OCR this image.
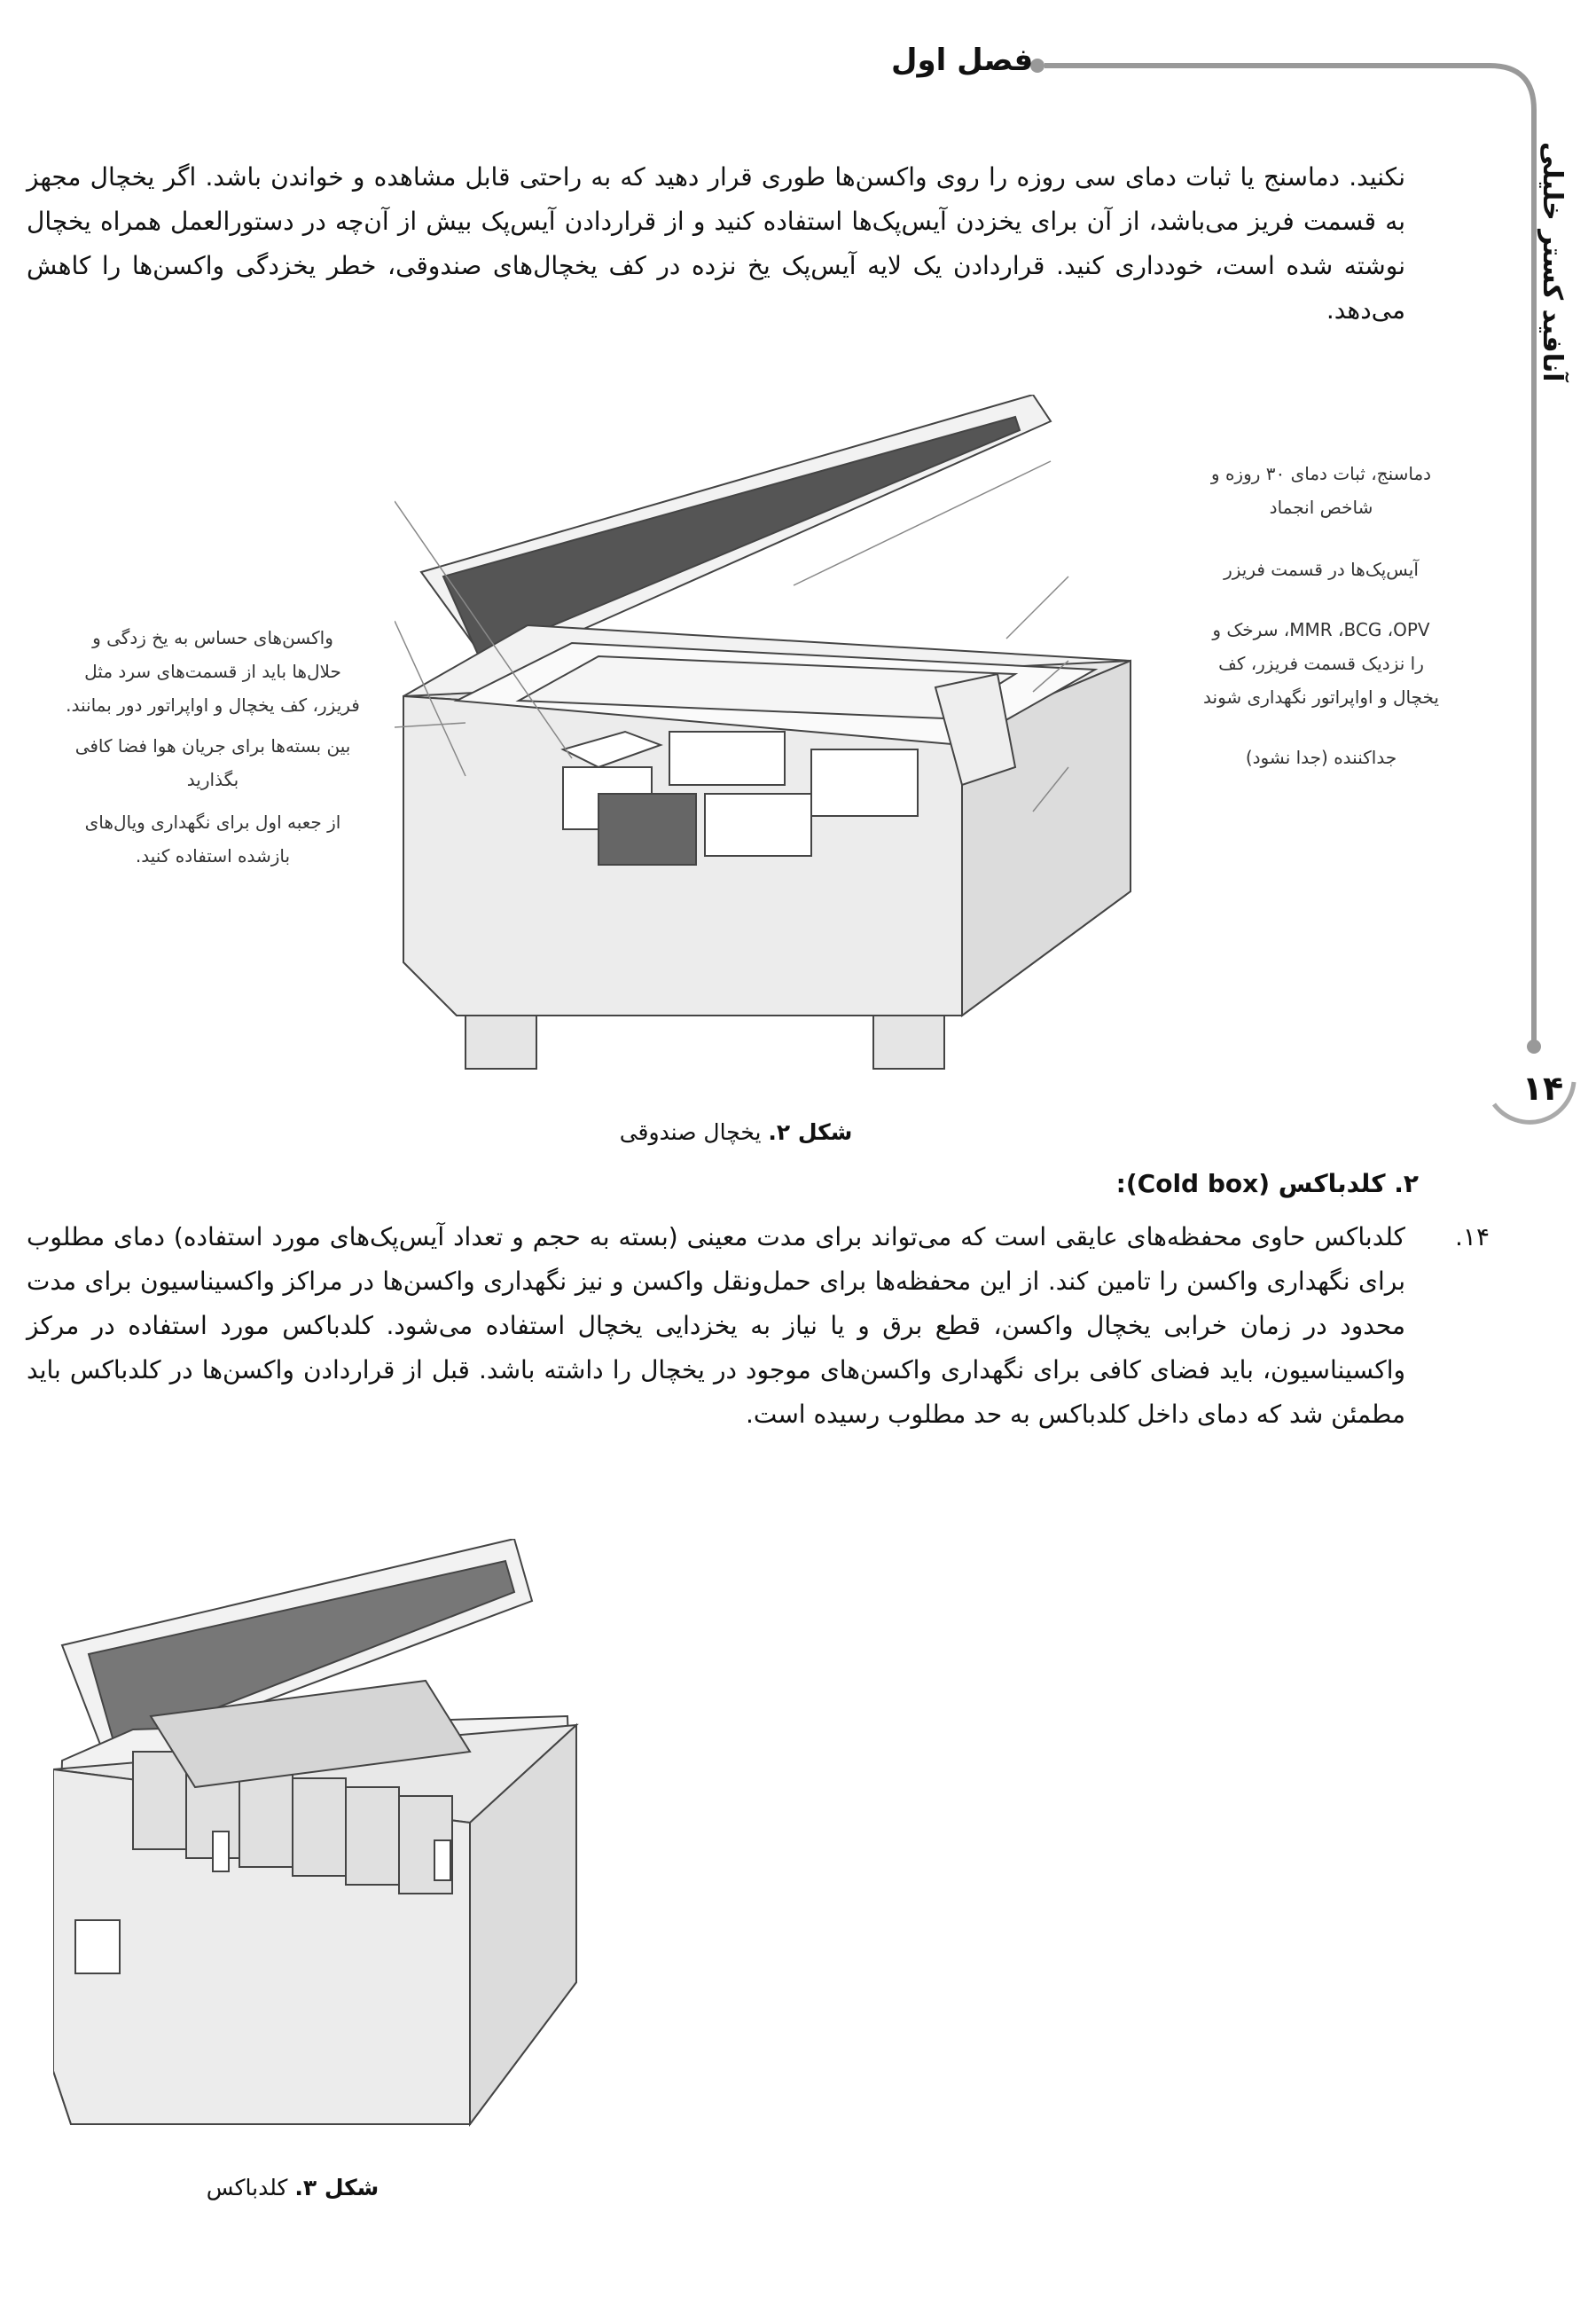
فصل اول
آنافید کستر خلیلی
۱۴
نکنید. دماسنج یا ثبات دمای سی روزه را روی واکسن‌ها طوری قرار دهید که به راحتی قابل مشاهده و خواندن باشد. اگر یخچال مجهز به قسمت فریز می‌باشد، از آن برای یخزدن آیس‌پک‌ها استفاده کنید و از قراردادن آیس‌پک بیش از آن‌چه در دستورالعمل همراه یخچال نوشته شده است، خودداری کنید. قراردادن یک لایه آیس‌پک یخ نزده در کف یخچال‌های صندوقی، خطر یخزدگی واکسن‌ها را کاهش می‌دهد.
دماسنج، ثبات دمای ۳۰ روزه و
شاخص انجماد
آیس‌پک‌ها در قسمت فریزر
MMR ،BCG ،OPV، سرخک و
را نزدیک قسمت فریزر، کف
یخچال و اواپراتور نگهداری شوند
جداکننده (جدا نشود)
واکسن‌های حساس به یخ زدگی و
حلال‌ها باید از قسمت‌های سرد مثل
فریزر، کف یخچال و اواپراتور دور بمانند.
بین بسته‌ها برای جریان هوا فضا کافی
بگذارید
از جعبه اول برای نگهداری ویال‌های
بازشده استفاده کنید.
شکل ۲. یخچال صندوقی
۲. کلدباکس (Cold box):
۱۴.
کلدباکس حاوی محفظه‌های عایقی است که می‌تواند برای مدت معینی (بسته به حجم و تعداد آیس‌پک‌های مورد استفاده) دمای مطلوب برای نگهداری واکسن را تامین کند. از این محفظه‌ها برای حمل‌ونقل واکسن و نیز نگهداری واکسن‌ها در مراکز واکسیناسیون برای مدت محدود در زمان خرابی یخچال واکسن، قطع برق و یا نیاز به یخزدایی یخچال استفاده می‌شود. کلدباکس مورد استفاده در مرکز واکسیناسیون، باید فضای کافی برای نگهداری واکسن‌های موجود در یخچال را داشته باشد. قبل از قراردادن واکسن‌ها در کلدباکس باید مطمئن شد که دمای داخل کلدباکس به حد مطلوب رسیده است.
شکل ۳. کلدباکس
